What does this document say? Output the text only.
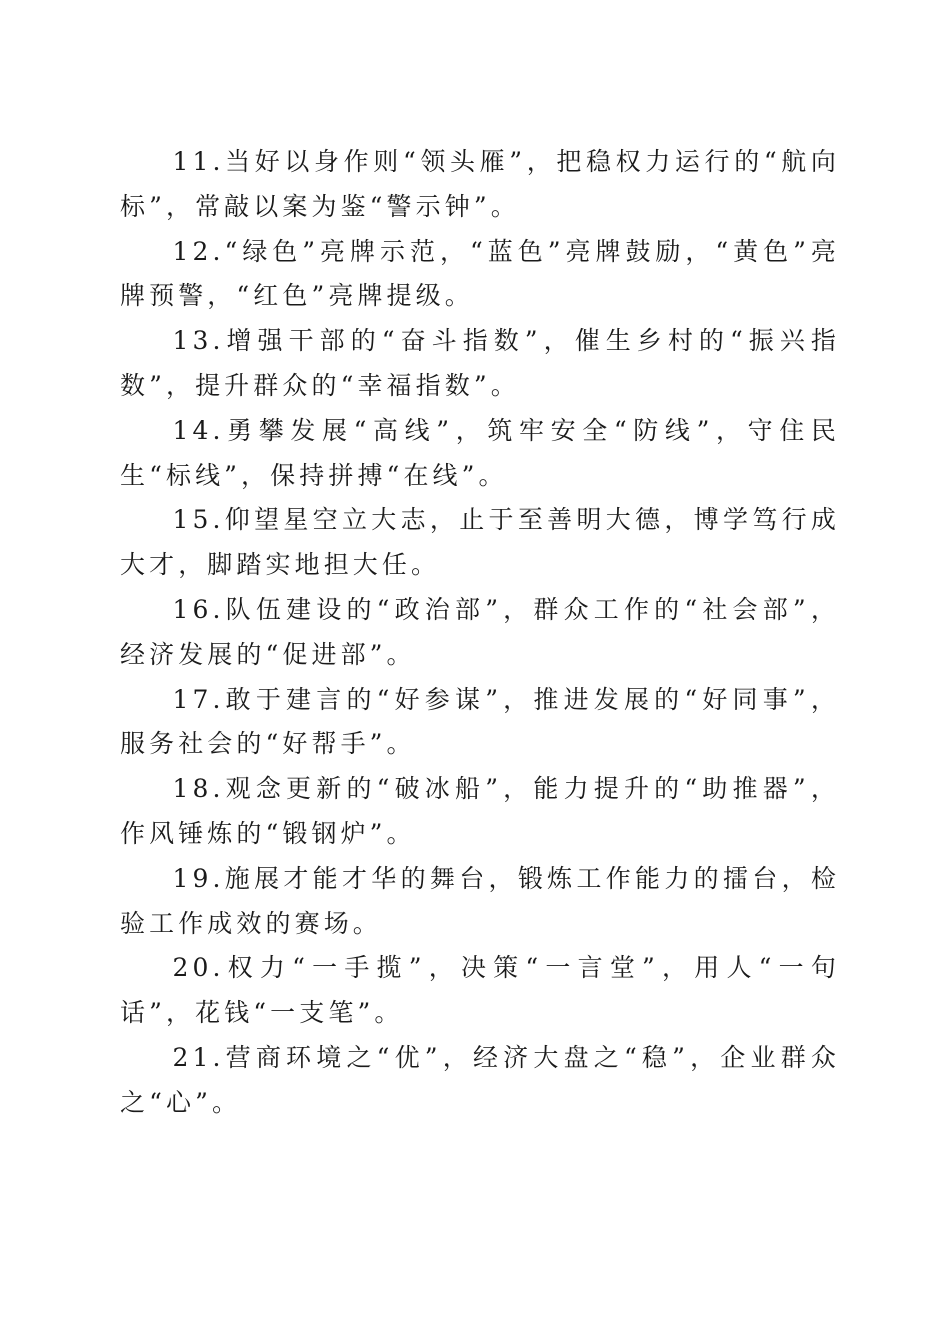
11.当好以身作则“领头雁”，把稳权力运行的“航向标”，常敲以案为鉴“警示钟”。

12.“绿色”亮牌示范，“蓝色”亮牌鼓励，“黄色”亮牌预警，“红色”亮牌提级。

13.增强干部的“奋斗指数”，催生乡村的“振兴指数”，提升群众的“幸福指数”。

14.勇攀发展“高线”，筑牢安全“防线”，守住民生“标线”，保持拼搏“在线”。

15.仰望星空立大志，止于至善明大德，博学笃行成大才，脚踏实地担大任。

16.队伍建设的“政治部”，群众工作的“社会部”，经济发展的“促进部”。

17.敢于建言的“好参谋”，推进发展的“好同事”，服务社会的“好帮手”。

18.观念更新的“破冰船”，能力提升的“助推器”，作风锤炼的“锻钢炉”。

19.施展才能才华的舞台，锻炼工作能力的擂台，检验工作成效的赛场。

20.权力“一手揽”，决策“一言堂”，用人“一句话”，花钱“一支笔”。

21.营商环境之“优”，经济大盘之“稳”，企业群众之“心”。
